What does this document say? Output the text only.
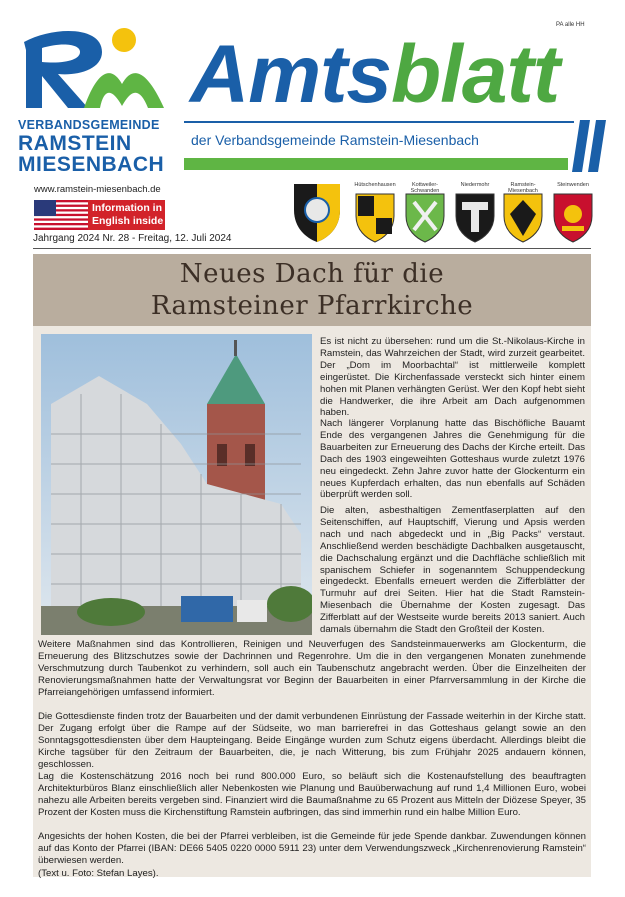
PA alle HH
VERBANDSGEMEINDE
RAMSTEIN
MIESENBACH
www.ramstein-miesenbach.de
Information in English inside
Jahrgang 2024 Nr. 28 - Freitag, 12. Juli 2024
Amtsblatt
der Verbandsgemeinde Ramstein-Miesenbach
Hütschenhausen	Kottweiler-Schwanden
Niedermohr	Ramstein-Miesenbach
Steinwenden
Neues Dach für die
Ramsteiner Pfarrkirche

Es ist nicht zu übersehen: rund um die St.-Nikolaus-Kirche in Ramstein, das Wahrzeichen der Stadt, wird zurzeit gearbeitet. Der „Dom im Moorbachtal“ ist mittlerweile komplett eingerüstet. Die Kirchenfassade versteckt sich hinter einem hohen mit Planen verhängten Gerüst. Wer den Kopf hebt sieht die Handwerker, die ihre Arbeit am Dach aufgenommen haben.

Nach längerer Vorplanung hatte das Bischöfliche Bauamt Ende des vergangenen Jahres die Genehmigung für die Bauarbeiten zur Erneuerung des Dachs der Kirche erteilt. Das Dach des 1903 eingeweihten Gotteshaus wurde zuletzt 1976 neu eingedeckt. Zehn Jahre zuvor hatte der Glockenturm ein neues Kupferdach erhalten, das nun ebenfalls auf Schäden überprüft werden soll.

Die alten, asbesthaltigen Zementfaserplatten auf den Seitenschiffen, auf Hauptschiff, Vierung und Apsis werden nach und nach abgedeckt und in „Big Packs“ verstaut. Anschließend werden beschädigte Dachbalken ausgetauscht, die Dachschalung ergänzt und die Dachfläche schließlich mit spanischem Schiefer in sogenanntem Schuppendeckung eingedeckt. Ebenfalls erneuert werden die Zifferblätter der Turmuhr auf drei Seiten. Hier hat die Stadt Ramstein-Miesenbach die Übernahme der Kosten zugesagt. Das Zifferblatt auf der Westseite wurde bereits 2013 saniert. Auch damals übernahm die Stadt den Großteil der Kosten.

Weitere Maßnahmen sind das Kontrollieren, Reinigen und Neuverfugen des Sandsteinmauerwerks am Glockenturm, die Erneuerung des Blitzschutzes sowie der Dachrinnen und Regenrohre. Um die in den vergangenen Monaten zunehmende Verschmutzung durch Taubenkot zu verhindern, soll auch ein Taubenschutz angebracht werden. Über die Einzelheiten der Renovierungsmaßnahmen hatte der Verwaltungsrat vor Beginn der Bauarbeiten in einer Pfarrversammlung in der Kirche die Pfarreiangehörigen umfassend informiert.

Die Gottesdienste finden trotz der Bauarbeiten und der damit verbundenen Einrüstung der Fassade weiterhin in der Kirche statt. Der Zugang erfolgt über die Rampe auf der Südseite, wo man barrierefrei in das Gotteshaus gelangt sowie an den Sonntagsgottesdiensten über dem Haupteingang. Beide Eingänge wurden zum Schutz eigens überdacht. Allerdings bleibt die Kirche tagsüber für den Zeitraum der Bauarbeiten, die, je nach Witterung, bis zum Frühjahr 2025 andauern können, geschlossen.

Lag die Kostenschätzung 2016 noch bei rund 800.000 Euro, so beläuft sich die Kostenaufstellung des beauftragten Architekturbüros Blanz einschließlich aller Nebenkosten wie Planung und Bauüberwachung auf rund 1,4 Millionen Euro, wobei nahezu alle Arbeiten bereits vergeben sind. Finanziert wird die Baumaßnahme zu 65 Prozent aus Mitteln der Diözese Speyer, 35 Prozent der Kosten muss die Kirchenstiftung Ramstein aufbringen, das sind immerhin rund ein halbe Million Euro.

Angesichts der hohen Kosten, die bei der Pfarrei verbleiben, ist die Gemeinde für jede Spende dankbar. Zuwendungen können auf das Konto der Pfarrei (IBAN: DE66 5405 0220 0000 5911 23) unter dem Verwendungszweck „Kirchenrenovierung Ramstein“ überwiesen werden.

(Text u. Foto: Stefan Layes).
